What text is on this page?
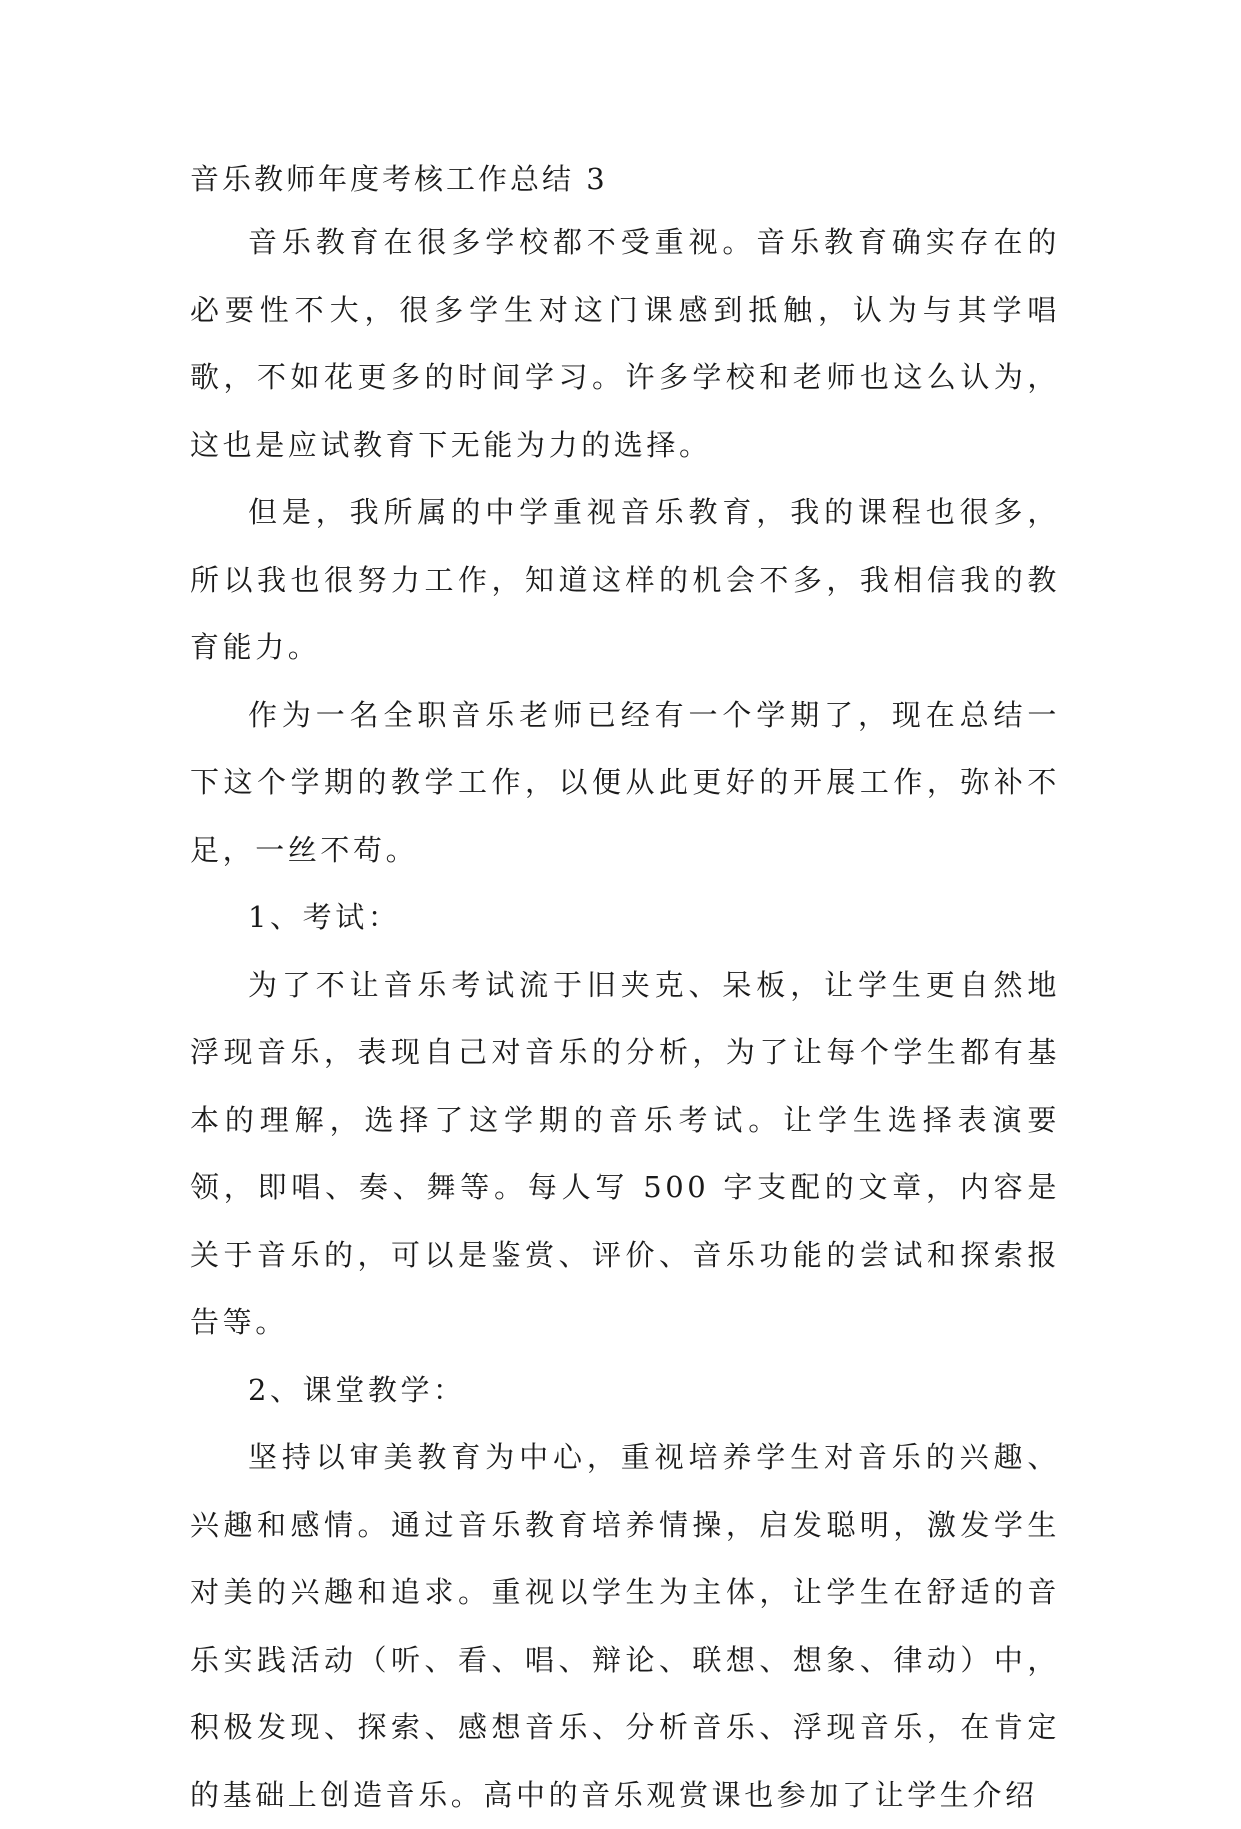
音乐教师年度考核工作总结 3

音乐教育在很多学校都不受重视。音乐教育确实存在的必要性不大，很多学生对这门课感到抵触，认为与其学唱歌，不如花更多的时间学习。许多学校和老师也这么认为，这也是应试教育下无能为力的选择。

但是，我所属的中学重视音乐教育，我的课程也很多，所以我也很努力工作，知道这样的机会不多，我相信我的教育能力。

作为一名全职音乐老师已经有一个学期了，现在总结一下这个学期的教学工作，以便从此更好的开展工作，弥补不足，一丝不苟。

1、考试：

为了不让音乐考试流于旧夹克、呆板，让学生更自然地浮现音乐，表现自己对音乐的分析，为了让每个学生都有基本的理解，选择了这学期的音乐考试。让学生选择表演要领，即唱、奏、舞等。每人写 500 字支配的文章，内容是关于音乐的，可以是鉴赏、评价、音乐功能的尝试和探索报告等。

2、课堂教学：

坚持以审美教育为中心，重视培养学生对音乐的兴趣、兴趣和感情。通过音乐教育培养情操，启发聪明，激发学生对美的兴趣和追求。重视以学生为主体，让学生在舒适的音乐实践活动（听、看、唱、辩论、联想、想象、律动）中，积极发现、探索、感想音乐、分析音乐、浮现音乐，在肯定的基础上创造音乐。高中的音乐观赏课也参加了让学生介绍
